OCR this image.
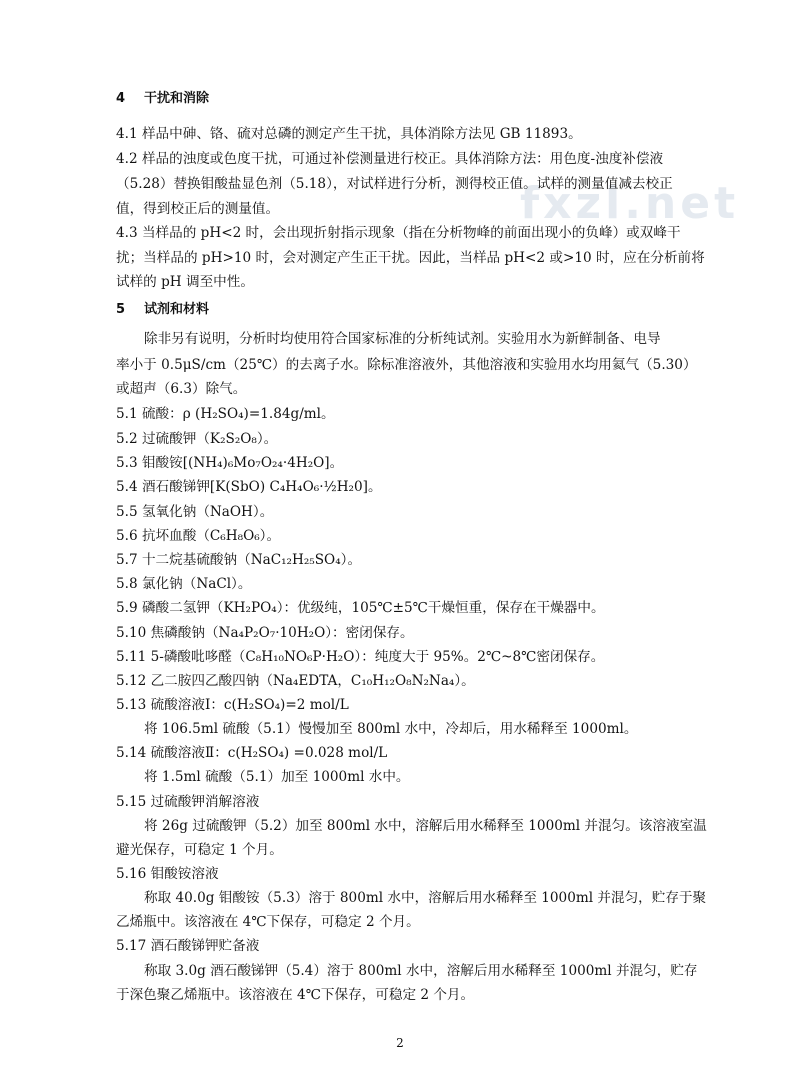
fxzl.net
4 干扰和消除
4.1 样品中砷、铬、硫对总磷的测定产生干扰，具体消除方法见 GB 11893。
4.2 样品的浊度或色度干扰，可通过补偿测量进行校正。具体消除方法：用色度-浊度补偿液
（5.28）替换钼酸盐显色剂（5.18），对试样进行分析，测得校正值。试样的测量值减去校正
值，得到校正后的测量值。
4.3 当样品的 pH<2 时，会出现折射指示现象（指在分析物峰的前面出现小的负峰）或双峰干
扰；当样品的 pH>10 时，会对测定产生正干扰。因此，当样品 pH<2 或>10 时，应在分析前将
试样的 pH 调至中性。
5 试剂和材料
除非另有说明，分析时均使用符合国家标准的分析纯试剂。实验用水为新鲜制备、电导
率小于 0.5μS/cm（25℃）的去离子水。除标准溶液外，其他溶液和实验用水均用氦气（5.30）
或超声（6.3）除气。
5.1 硫酸：ρ (H₂SO₄)=1.84g/ml。
5.2 过硫酸钾（K₂S₂O₈）。
5.3 钼酸铵[(NH₄)₆Mo₇O₂₄·4H₂O]。
5.4 酒石酸锑钾[K(SbO) C₄H₄O₆·½H₂0]。
5.5 氢氧化钠（NaOH）。
5.6 抗坏血酸（C₆H₈O₆）。
5.7 十二烷基硫酸钠（NaC₁₂H₂₅SO₄）。
5.8 氯化钠（NaCl）。
5.9 磷酸二氢钾（KH₂PO₄）：优级纯，105℃±5℃干燥恒重，保存在干燥器中。
5.10 焦磷酸钠（Na₄P₂O₇·10H₂O）：密闭保存。
5.11 5-磷酸吡哆醛（C₈H₁₀NO₆P·H₂O）：纯度大于 95%。2℃~8℃密闭保存。
5.12 乙二胺四乙酸四钠（Na₄EDTA，C₁₀H₁₂O₈N₂Na₄）。
5.13 硫酸溶液Ⅰ：c(H₂SO₄)=2 mol/L
将 106.5ml 硫酸（5.1）慢慢加至 800ml 水中，冷却后，用水稀释至 1000ml。
5.14 硫酸溶液Ⅱ：c(H₂SO₄) =0.028 mol/L
将 1.5ml 硫酸（5.1）加至 1000ml 水中。
5.15 过硫酸钾消解溶液
将 26g 过硫酸钾（5.2）加至 800ml 水中，溶解后用水稀释至 1000ml 并混匀。该溶液室温
避光保存，可稳定 1 个月。
5.16 钼酸铵溶液
称取 40.0g 钼酸铵（5.3）溶于 800ml 水中，溶解后用水稀释至 1000ml 并混匀，贮存于聚
乙烯瓶中。该溶液在 4℃下保存，可稳定 2 个月。
5.17 酒石酸锑钾贮备液
称取 3.0g 酒石酸锑钾（5.4）溶于 800ml 水中，溶解后用水稀释至 1000ml 并混匀，贮存
于深色聚乙烯瓶中。该溶液在 4℃下保存，可稳定 2 个月。
2
